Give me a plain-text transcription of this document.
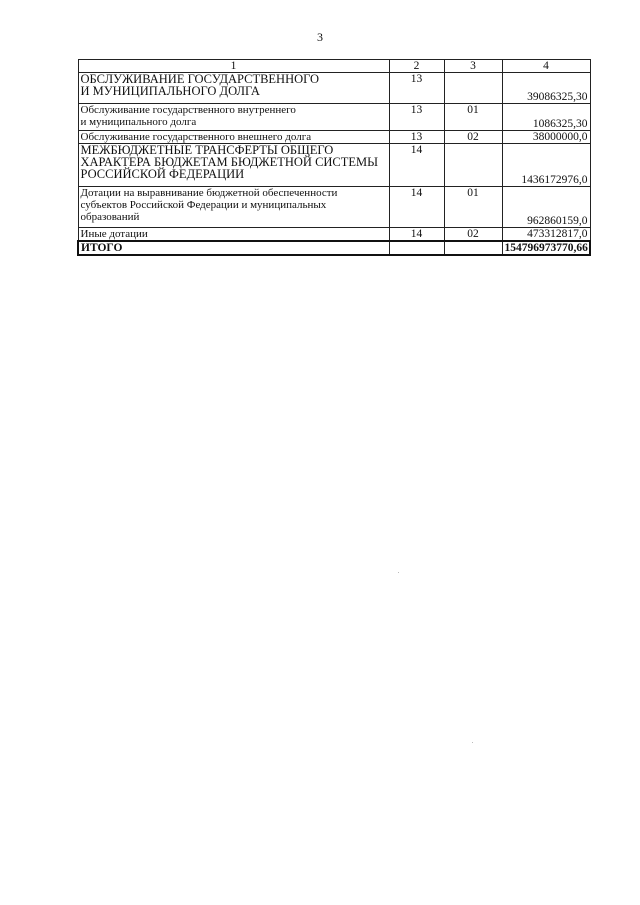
3
1	2	3	4
ОБСЛУЖИВАНИЕ ГОСУДАРСТВЕННОГО
И МУНИЦИПАЛЬНОГО ДОЛГА	13		39086325,30
Обслуживание государственного внутреннего
и муниципального долга	13	01	1086325,30
Обслуживание государственного внешнего долга	13	02	38000000,0
МЕЖБЮДЖЕТНЫЕ ТРАНСФЕРТЫ ОБЩЕГО
ХАРАКТЕРА БЮДЖЕТАМ БЮДЖЕТНОЙ СИСТЕМЫ
РОССИЙСКОЙ ФЕДЕРАЦИИ	14		1436172976,0
Дотации на выравнивание бюджетной обеспеченности
субъектов Российской Федерации и муниципальных
образований	14	01	962860159,0
Иные дотации	14	02	473312817,0
ИТОГО			154796973770,66
